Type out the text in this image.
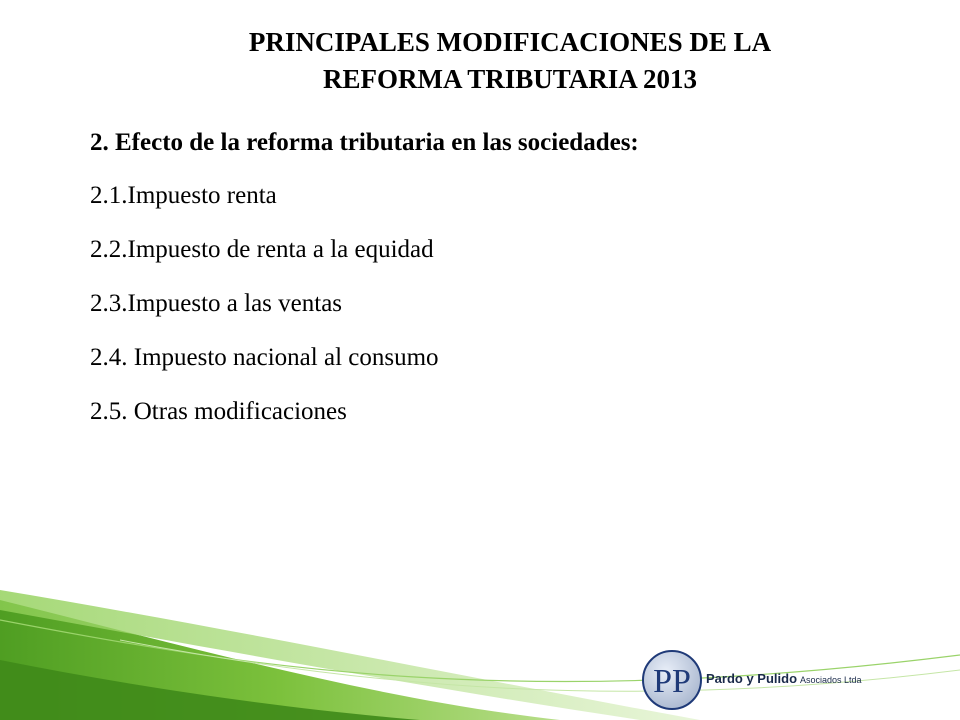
PRINCIPALES MODIFICACIONES DE LA
REFORMA TRIBUTARIA 2013
2. Efecto de la reforma tributaria en las sociedades:
2.1.Impuesto renta
2.2.Impuesto de renta a la equidad
2.3.Impuesto a las ventas
2.4. Impuesto nacional al consumo
2.5. Otras modificaciones
PP Pardo y Pulido Asociados Ltda
